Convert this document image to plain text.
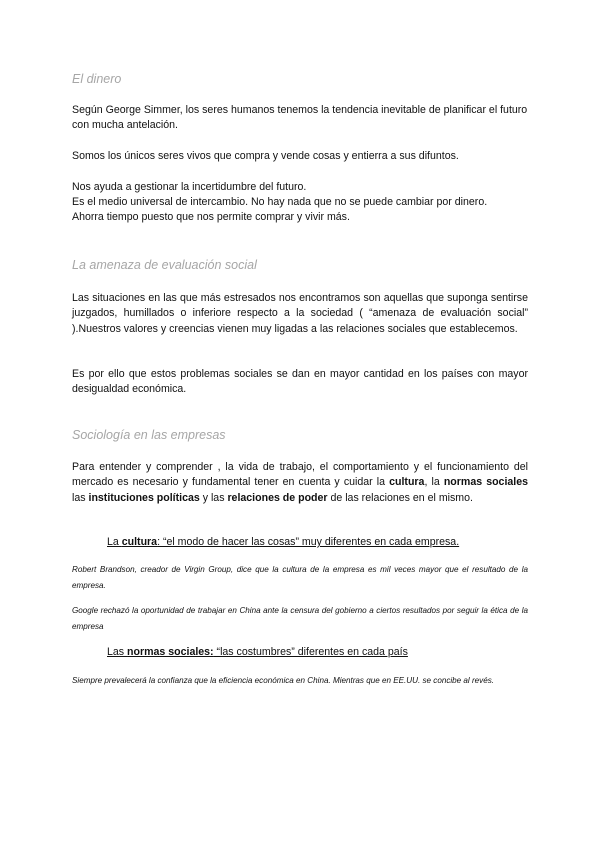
El dinero

Según George Simmer, los seres humanos tenemos la tendencia inevitable de planificar el futuro con mucha antelación.

Somos los únicos seres vivos que compra y vende cosas y entierra a sus difuntos.

Nos ayuda a gestionar la incertidumbre del futuro.

Es el medio universal de intercambio. No hay nada que no se puede cambiar por dinero.

Ahorra tiempo puesto que nos permite comprar y vivir más.

La amenaza de evaluación social

Las situaciones en las que más estresados nos encontramos son aquellas que suponga sentirse juzgados, humillados o inferiore respecto a la sociedad ( “amenaza de evaluación social” ).Nuestros valores y creencias vienen muy ligadas a las relaciones sociales que establecemos.

Es por ello que estos problemas sociales se dan en mayor cantidad en los países con mayor desigualdad económica.

Sociología en las empresas

Para entender y comprender , la vida de trabajo, el comportamiento y el funcionamiento del mercado es necesario y fundamental tener en cuenta y cuidar la cultura, la normas sociales las instituciones políticas y las relaciones de poder de las relaciones en el mismo.

La cultura: “el modo de hacer las cosas” muy diferentes en cada empresa.

Robert Brandson, creador de Virgin Group, dice que la cultura de la empresa es mil veces mayor que el resultado de la empresa.

Google rechazó la oportunidad de trabajar en China ante la censura del gobierno a ciertos resultados por seguir la ética de la empresa

Las normas sociales: “las costumbres” diferentes en cada país

Siempre prevalecerá la confianza que la eficiencia económica en China. Mientras que en EE.UU. se concibe al revés.
